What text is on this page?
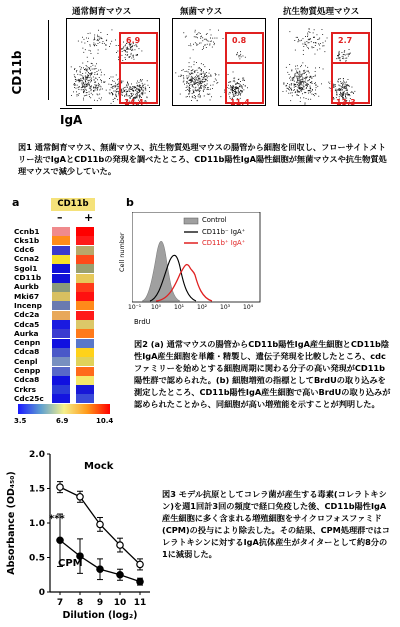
通常飼育マウス	無菌マウス	抗生物質処理マウス
CD11b
IgA
6.9
14.4
0.8
11.4
2.7
13.3
図1 通常飼育マウス、無菌マウス、抗生物質処理マウスの腸管から細胞を回収し、フローサイトメトリー法でIgAとCD11bの発現を調べたところ、CD11b陽性IgA陽性細胞が無菌マウスや抗生物質処理マウスで減少していた。
a	CD11b
– +
Ccnb1
Cks1b
Cdc6
Ccna2
Sgol1
CD11b
Aurkb
Mki67
Incenp
Cdc2a
Cdca5
Aurka
Cenpn
Cdca8
Cenpl
Cenpp
Cdca8
Crkrs
Cdc25c
3.5	6.9	10.4
b
Cell number
Control
CD11b⁻ IgA⁺
CD11b⁺ IgA⁺
10⁻¹ 10⁰ 10¹ 10² 10³ 10⁴
BrdU
図2 (a) 通常マウスの腸管からCD11b陽性IgA産生細胞とCD11b陰性IgA産生細胞を単離・精製し、遺伝子発現を比較したところ、cdcファミリーを始めとする細胞周期に関わる分子の高い発現がCD11b陽性群で認められた。(b) 細胞増殖の指標としてBrdUの取り込みを測定したところ、CD11b陽性IgA産生細胞で高いBrdUの取り込みが認められたことから、同細胞が高い増殖能を示すことが判明した。
0
0.5
1.0
1.5
2.0
7 8 9 10 11
Dilution (log₂)
Absorbance (OD₄₅₀)
Mock
CPM
***
図3 モデル抗原としてコレラ菌が産生する毒素(コレラトキシン)を週1回計3回の頻度で経口免疫した後、CD11b陽性IgA産生細胞に多く含まれる増殖細胞をサイクロフォスファミド(CPM)の投与により除去した。その結果、CPM処理群ではコレラトキシンに対するIgA抗体産生がタイターとして約8分の1に減弱した。
